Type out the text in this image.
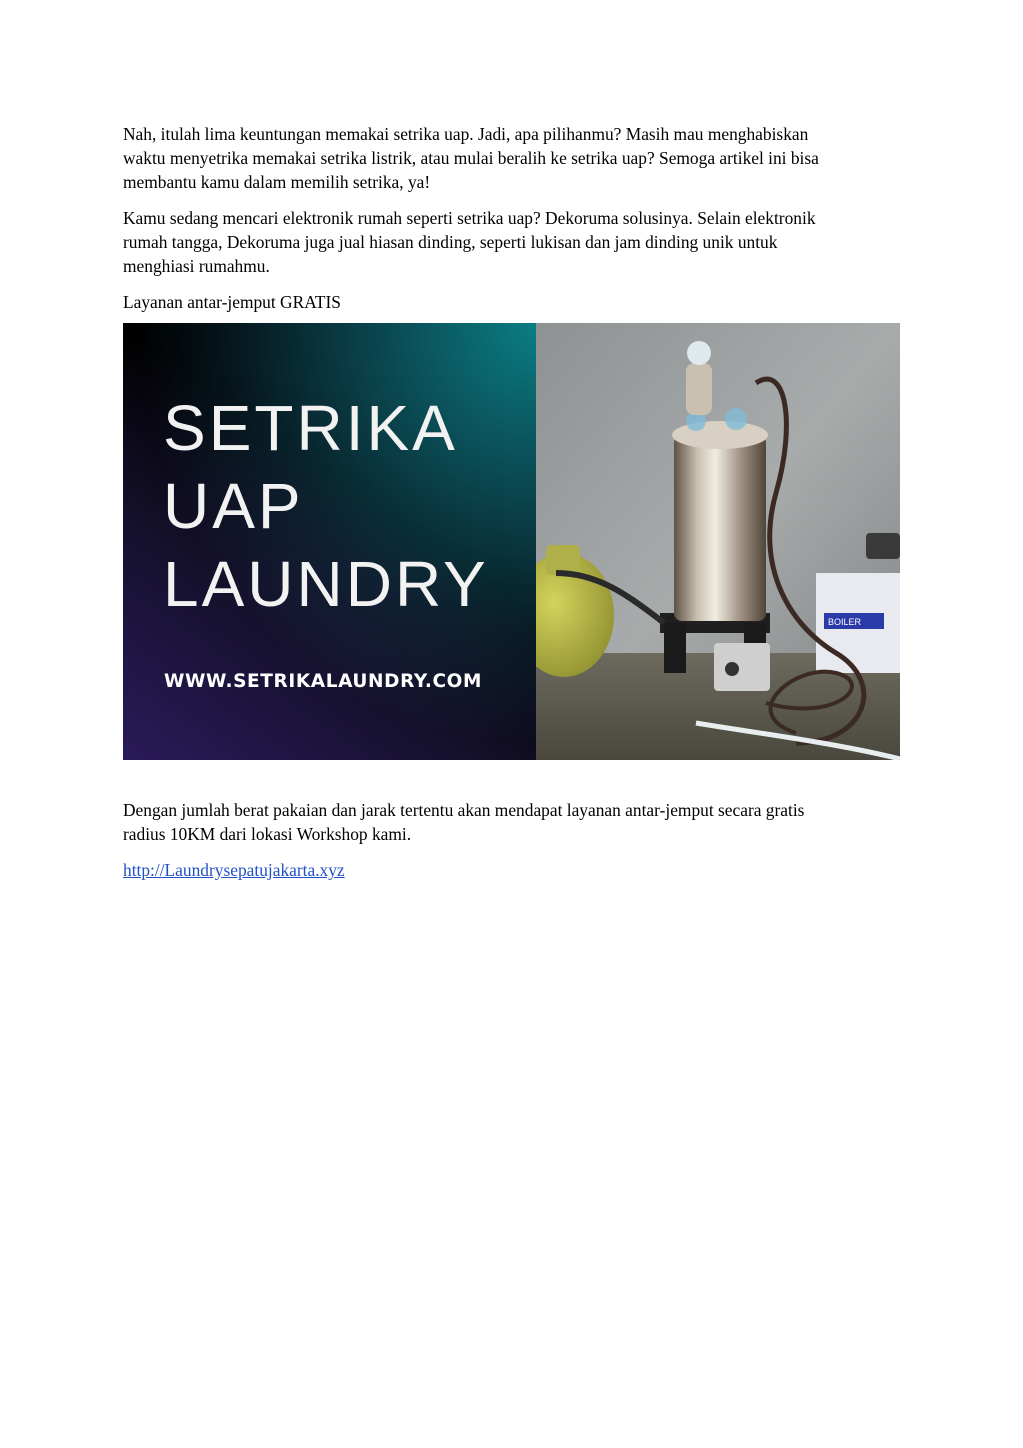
Nah, itulah lima keuntungan memakai setrika uap. Jadi, apa pilihanmu? Masih mau menghabiskan
waktu menyetrika memakai setrika listrik, atau mulai beralih ke setrika uap? Semoga artikel ini bisa
membantu kamu dalam memilih setrika, ya!

Kamu sedang mencari elektronik rumah seperti setrika uap? Dekoruma solusinya. Selain elektronik
rumah tangga, Dekoruma juga jual hiasan dinding, seperti lukisan dan jam dinding unik untuk
menghiasi rumahmu.

Layanan antar-jemput GRATIS

SETRIKA
UAP
LAUNDRY
WWW.SETRIKALAUNDRY.COM
BOILER

Dengan jumlah berat pakaian dan jarak tertentu akan mendapat layanan antar-jemput secara gratis
radius 10KM dari lokasi Workshop kami.

http://Laundrysepatujakarta.xyz
